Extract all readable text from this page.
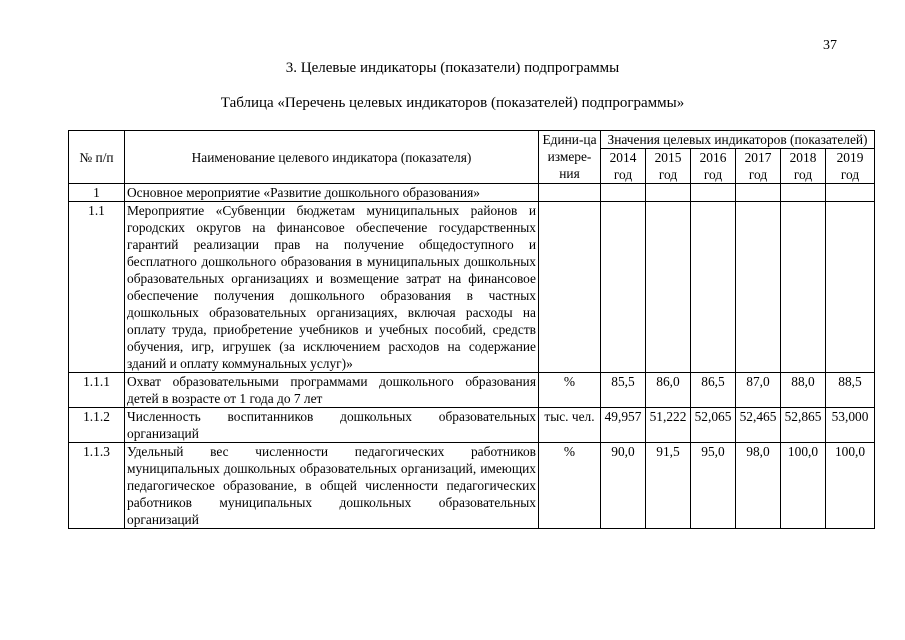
37
3. Целевые индикаторы (показатели) подпрограммы
Таблица «Перечень целевых индикаторов (показателей) подпрограммы»
№ п/п	Наименование целевого индикатора (показателя)	Едини-ца измере-ния	Значения целевых индикаторов (показателей)					
			2014 год	2015 год	2016 год	2017 год	2018 год	2019 год
1	Основное мероприятие «Развитие дошкольного образования»							
1.1	Мероприятие «Субвенции бюджетам муниципальных районов и городских округов на финансовое обеспечение государственных гарантий реализации прав на получение общедоступного и бесплатного дошкольного образования в муниципальных дошкольных образовательных организациях и возмещение затрат на финансовое обеспечение получения дошкольного образования в частных дошкольных образовательных организациях, включая расходы на оплату труда, приобретение учебников и учебных пособий, средств обучения, игр, игрушек (за исключением расходов на содержание зданий и оплату коммунальных услуг)»							
1.1.1	Охват образовательными программами дошкольного образования детей в возрасте от 1 года до 7 лет	%	85,5	86,0	86,5	87,0	88,0	88,5
1.1.2	Численность воспитанников дошкольных образовательных организаций	тыс. чел.	49,957	51,222	52,065	52,465	52,865	53,000
1.1.3	Удельный вес численности педагогических работников муниципальных дошкольных образовательных организаций, имеющих педагогическое образование, в общей численности педагогических работников муниципальных дошкольных образовательных организаций	%	90,0	91,5	95,0	98,0	100,0	100,0
